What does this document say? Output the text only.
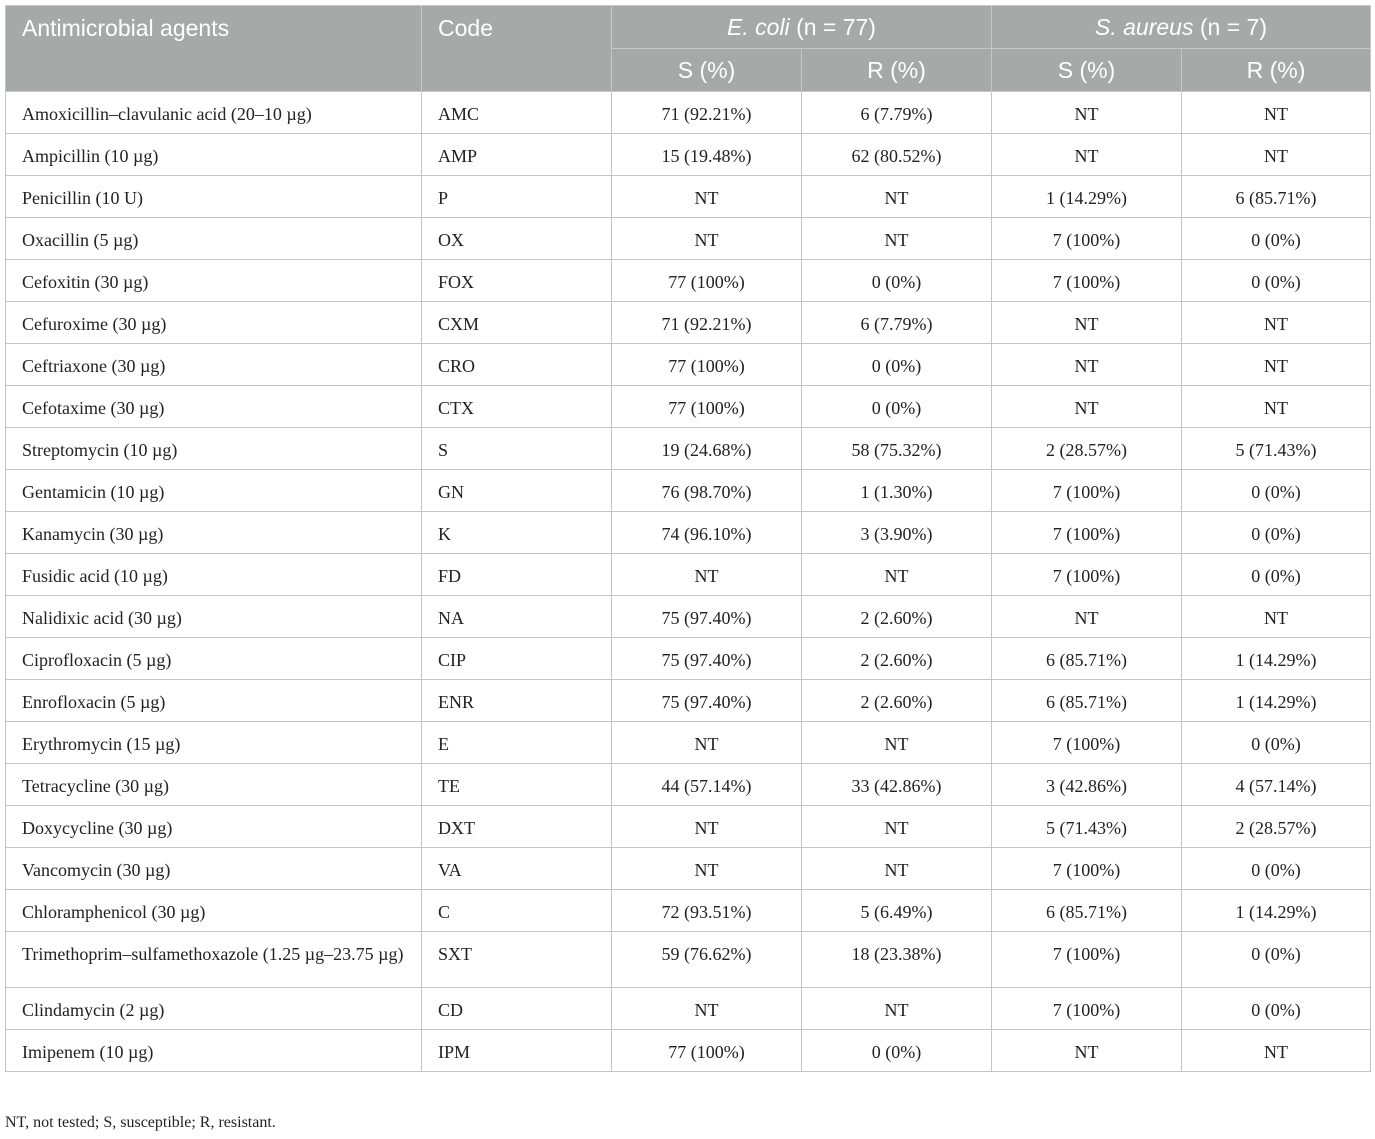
Antimicrobial agents	Code	E. coli (n = 77)		S. aureus (n = 7)	
		S (%)	R (%)	S (%)	R (%)
Amoxicillin–clavulanic acid (20–10 µg)	AMC	71 (92.21%)	6 (7.79%)	NT	NT
Ampicillin (10 µg)	AMP	15 (19.48%)	62 (80.52%)	NT	NT
Penicillin (10 U)	P	NT	NT	1 (14.29%)	6 (85.71%)
Oxacillin (5 µg)	OX	NT	NT	7 (100%)	0 (0%)
Cefoxitin (30 µg)	FOX	77 (100%)	0 (0%)	7 (100%)	0 (0%)
Cefuroxime (30 µg)	CXM	71 (92.21%)	6 (7.79%)	NT	NT
Ceftriaxone (30 µg)	CRO	77 (100%)	0 (0%)	NT	NT
Cefotaxime (30 µg)	CTX	77 (100%)	0 (0%)	NT	NT
Streptomycin (10 µg)	S	19 (24.68%)	58 (75.32%)	2 (28.57%)	5 (71.43%)
Gentamicin (10 µg)	GN	76 (98.70%)	1 (1.30%)	7 (100%)	0 (0%)
Kanamycin (30 µg)	K	74 (96.10%)	3 (3.90%)	7 (100%)	0 (0%)
Fusidic acid (10 µg)	FD	NT	NT	7 (100%)	0 (0%)
Nalidixic acid (30 µg)	NA	75 (97.40%)	2 (2.60%)	NT	NT
Ciprofloxacin (5 µg)	CIP	75 (97.40%)	2 (2.60%)	6 (85.71%)	1 (14.29%)
Enrofloxacin (5 µg)	ENR	75 (97.40%)	2 (2.60%)	6 (85.71%)	1 (14.29%)
Erythromycin (15 µg)	E	NT	NT	7 (100%)	0 (0%)
Tetracycline (30 µg)	TE	44 (57.14%)	33 (42.86%)	3 (42.86%)	4 (57.14%)
Doxycycline (30 µg)	DXT	NT	NT	5 (71.43%)	2 (28.57%)
Vancomycin (30 µg)	VA	NT	NT	7 (100%)	0 (0%)
Chloramphenicol (30 µg)	C	72 (93.51%)	5 (6.49%)	6 (85.71%)	1 (14.29%)
Trimethoprim–sulfamethoxazole (1.25 µg–23.75 µg)	SXT	59 (76.62%)	18 (23.38%)	7 (100%)	0 (0%)
Clindamycin (2 µg)	CD	NT	NT	7 (100%)	0 (0%)
Imipenem (10 µg)	IPM	77 (100%)	0 (0%)	NT	NT
NT, not tested; S, susceptible; R, resistant.
